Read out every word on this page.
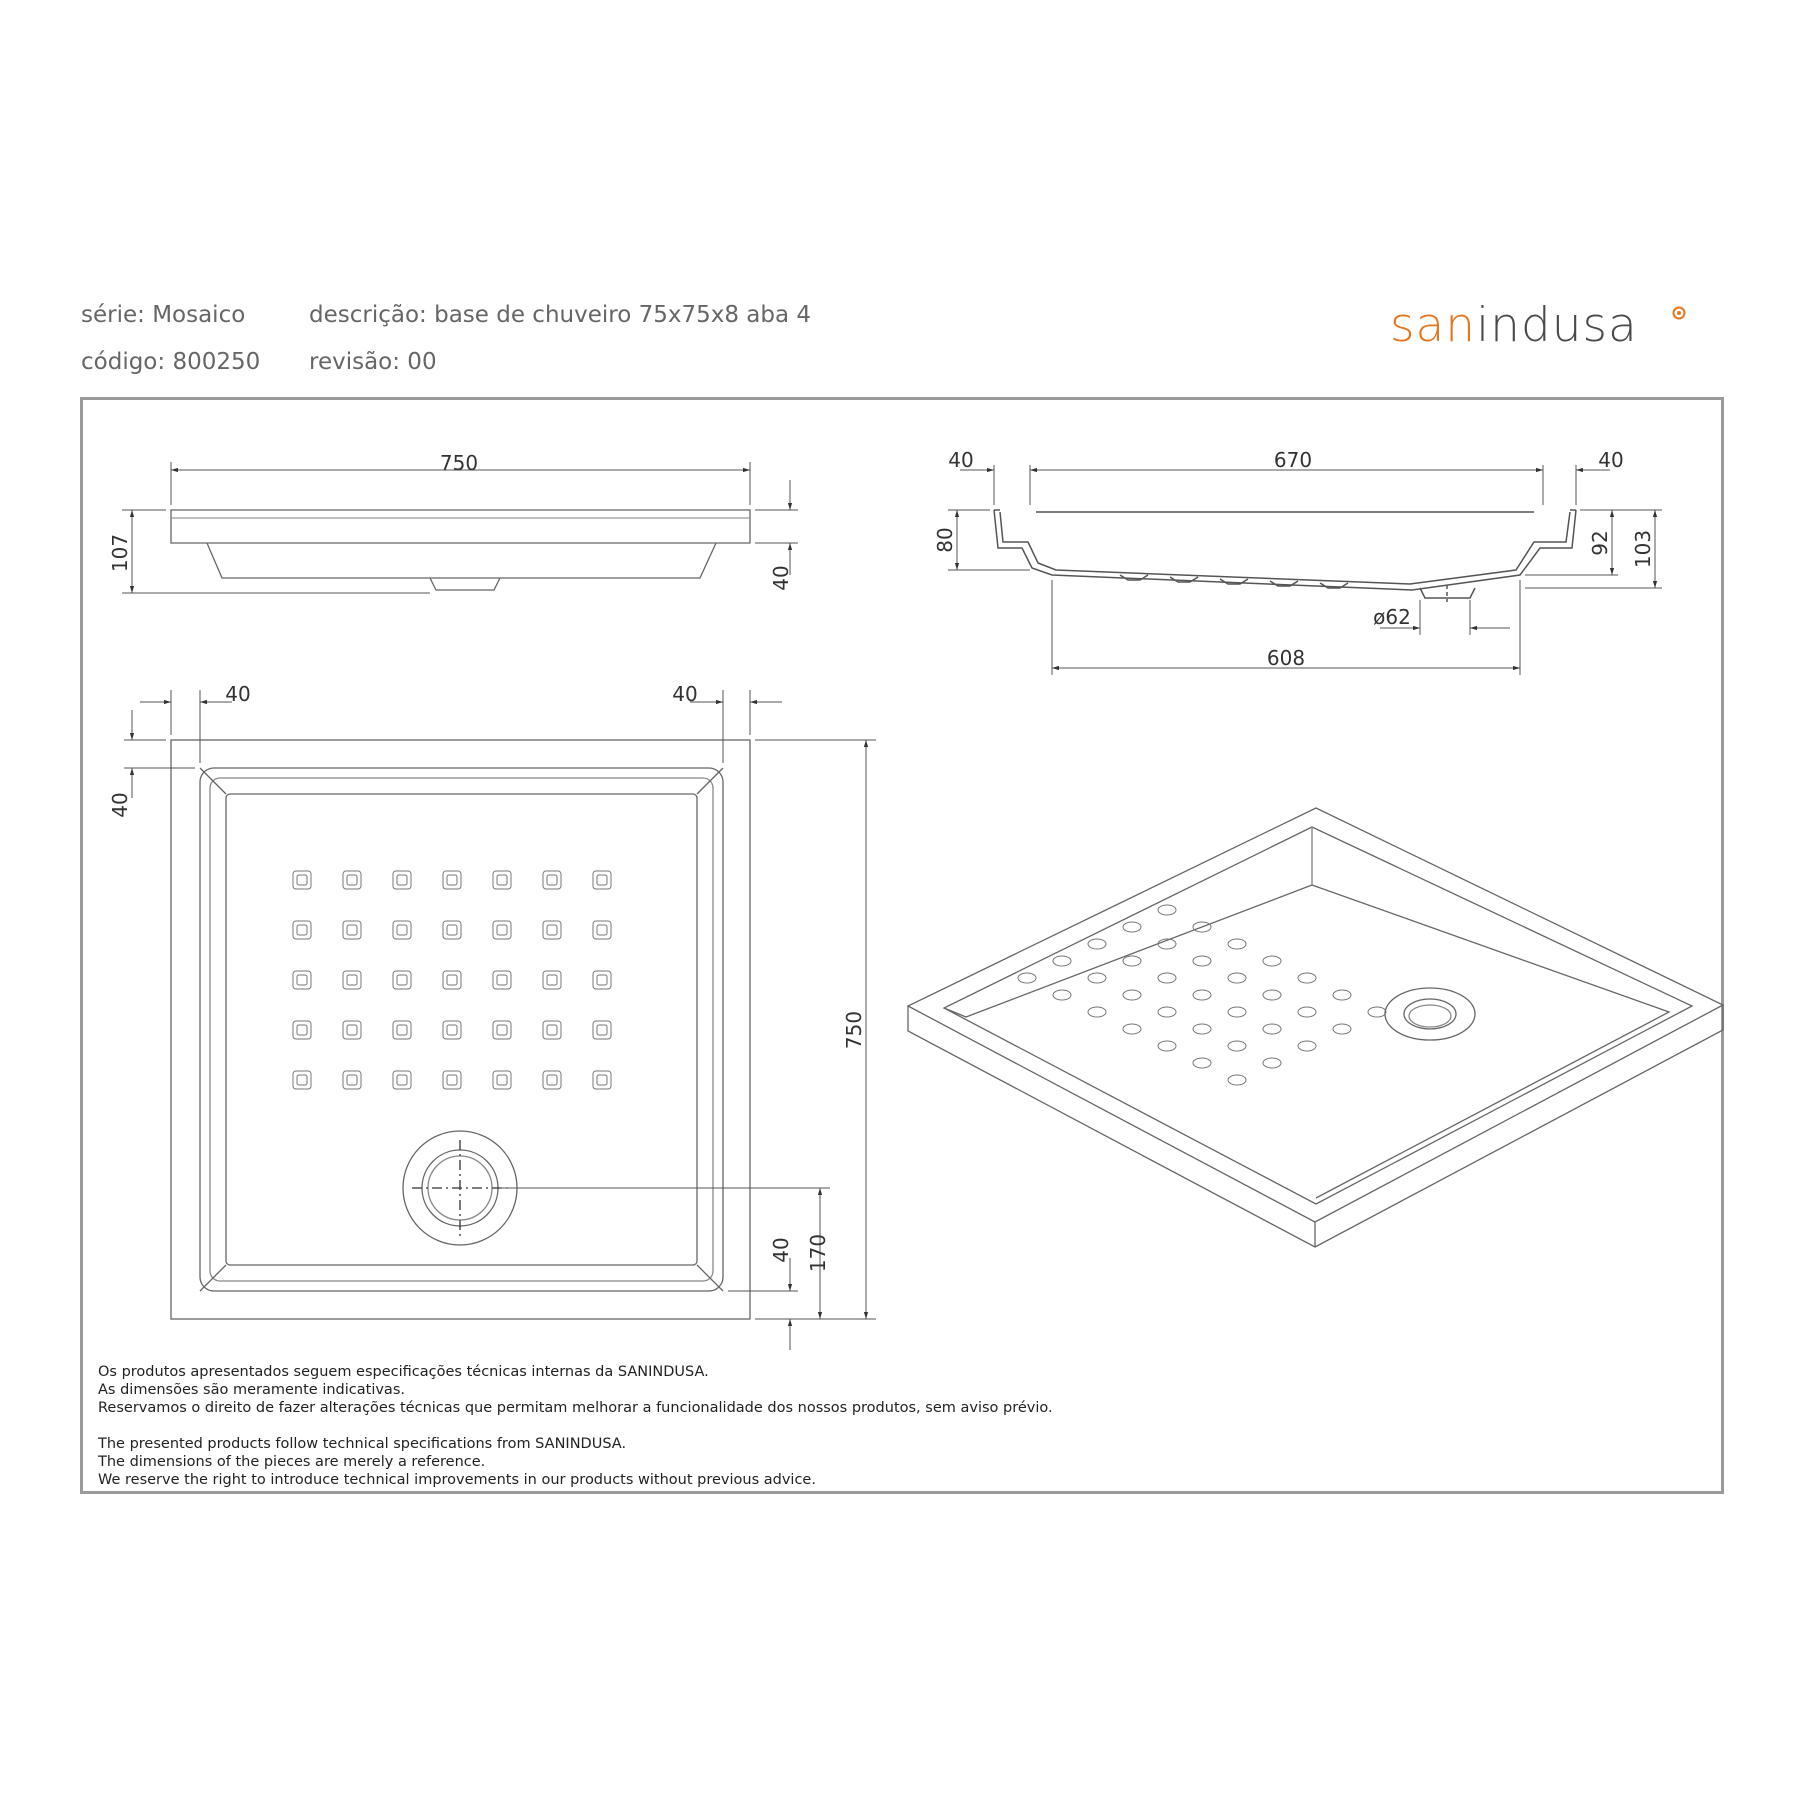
série: Mosaico	descrição: base de chuveiro 75x75x8 aba 4
código: 800250 revisão: 00
sanindusa
750
107
40
40	670	40
80	92 103
ø62
608
40	40
40
750
40 170
Os produtos apresentados seguem especificações técnicas internas da SANINDUSA.
As dimensões são meramente indicativas.
Reservamos o direito de fazer alterações técnicas que permitam melhorar a funcionalidade dos nossos produtos, sem aviso prévio.
The presented products follow technical specifications from SANINDUSA.
The dimensions of the pieces are merely a reference.
We reserve the right to introduce technical improvements in our products without previous advice.
